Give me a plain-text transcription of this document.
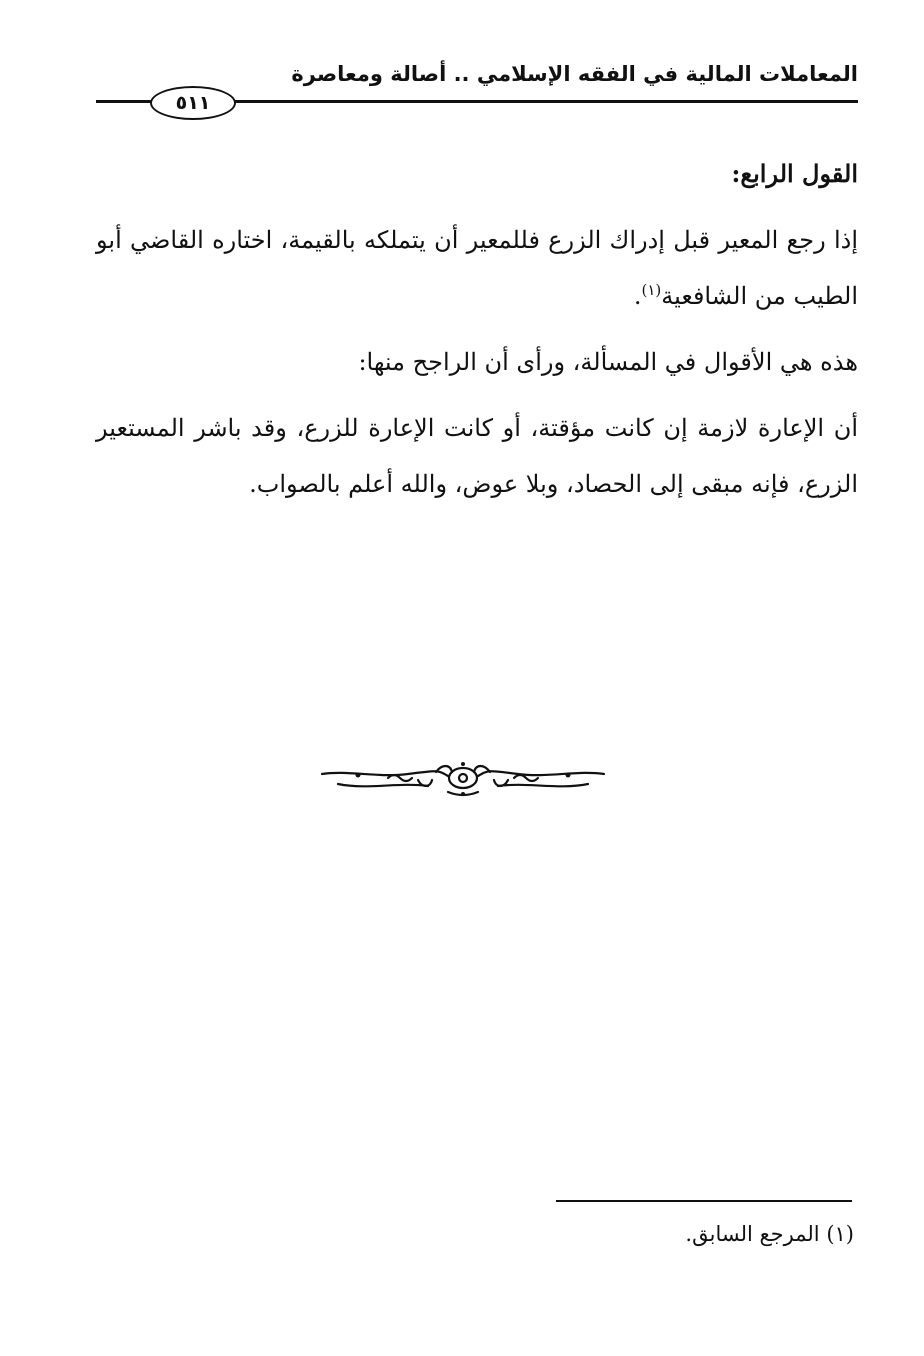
المعاملات المالية في الفقه الإسلامي .. أصالة ومعاصرة
٥١١

القول الرابع:

إذا رجع المعير قبل إدراك الزرع فللمعير أن يتملكه بالقيمة، اختاره القاضي أبو الطيب من الشافعية$^{(١)}$.

هذه هي الأقوال في المسألة، ورأى أن الراجح منها:

أن الإعارة لازمة إن كانت مؤقتة، أو كانت الإعارة للزرع، وقد باشر المستعير الزرع، فإنه مبقى إلى الحصاد، وبلا عوض، والله أعلم بالصواب.

(١) المرجع السابق.
